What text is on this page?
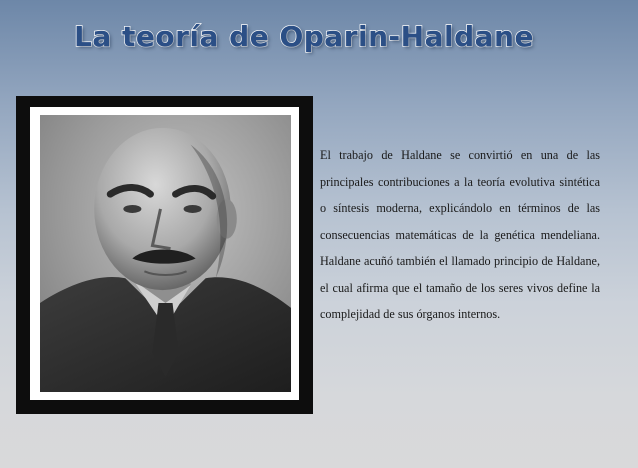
La teoría de Oparin-Haldane

El trabajo de Haldane se convirtió en una de las principales contribuciones a la teoría evolutiva sintética o síntesis moderna, explicándolo en términos de las consecuencias matemáticas de la genética mendeliana. Haldane acuñó también el llamado principio de Haldane, el cual afirma que el tamaño de los seres vivos define la complejidad de sus órganos internos.
